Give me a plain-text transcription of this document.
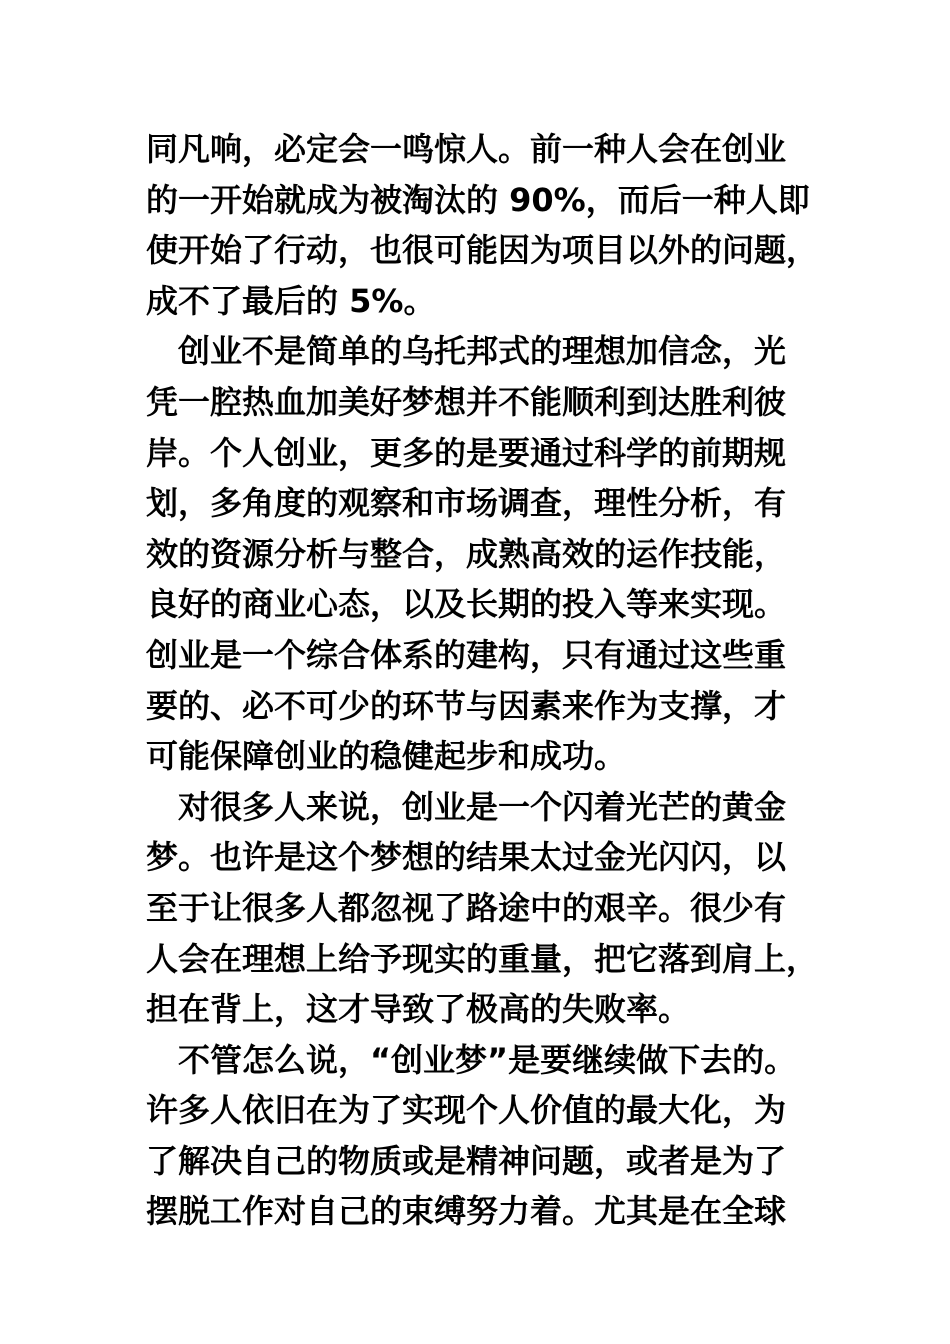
同凡响，必定会一鸣惊人。前一种人会在创业
的一开始就成为被淘汰的 90%，而后一种人即
使开始了行动，也很可能因为项目以外的问题，
成不了最后的 5%。
　创业不是简单的乌托邦式的理想加信念，光
凭一腔热血加美好梦想并不能顺利到达胜利彼
岸。个人创业，更多的是要通过科学的前期规
划，多角度的观察和市场调查，理性分析，有
效的资源分析与整合，成熟高效的运作技能，
良好的商业心态，以及长期的投入等来实现。
创业是一个综合体系的建构，只有通过这些重
要的、必不可少的环节与因素来作为支撑，才
可能保障创业的稳健起步和成功。
　对很多人来说，创业是一个闪着光芒的黄金
梦。也许是这个梦想的结果太过金光闪闪，以
至于让很多人都忽视了路途中的艰辛。很少有
人会在理想上给予现实的重量，把它落到肩上，
担在背上，这才导致了极高的失败率。
　不管怎么说，“创业梦”是要继续做下去的。
许多人依旧在为了实现个人价值的最大化，为
了解决自己的物质或是精神问题，或者是为了
摆脱工作对自己的束缚努力着。尤其是在全球
